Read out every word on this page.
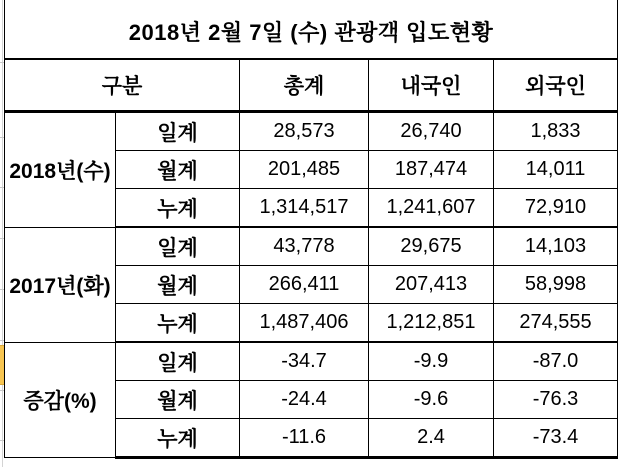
2018년 2월 7일 (수) 관광객 입도현황				
구분		총계	내국인	외국인
2018년(수)	일계	28,573	26,740	1,833
	월계	201,485	187,474	14,011
	누계	1,314,517	1,241,607	72,910
2017년(화)	일계	43,778	29,675	14,103
	월계	266,411	207,413	58,998
	누계	1,487,406	1,212,851	274,555
증감(%)	일계	-34.7	-9.9	-87.0
	월계	-24.4	-9.6	-76.3
	누계	-11.6	2.4	-73.4
